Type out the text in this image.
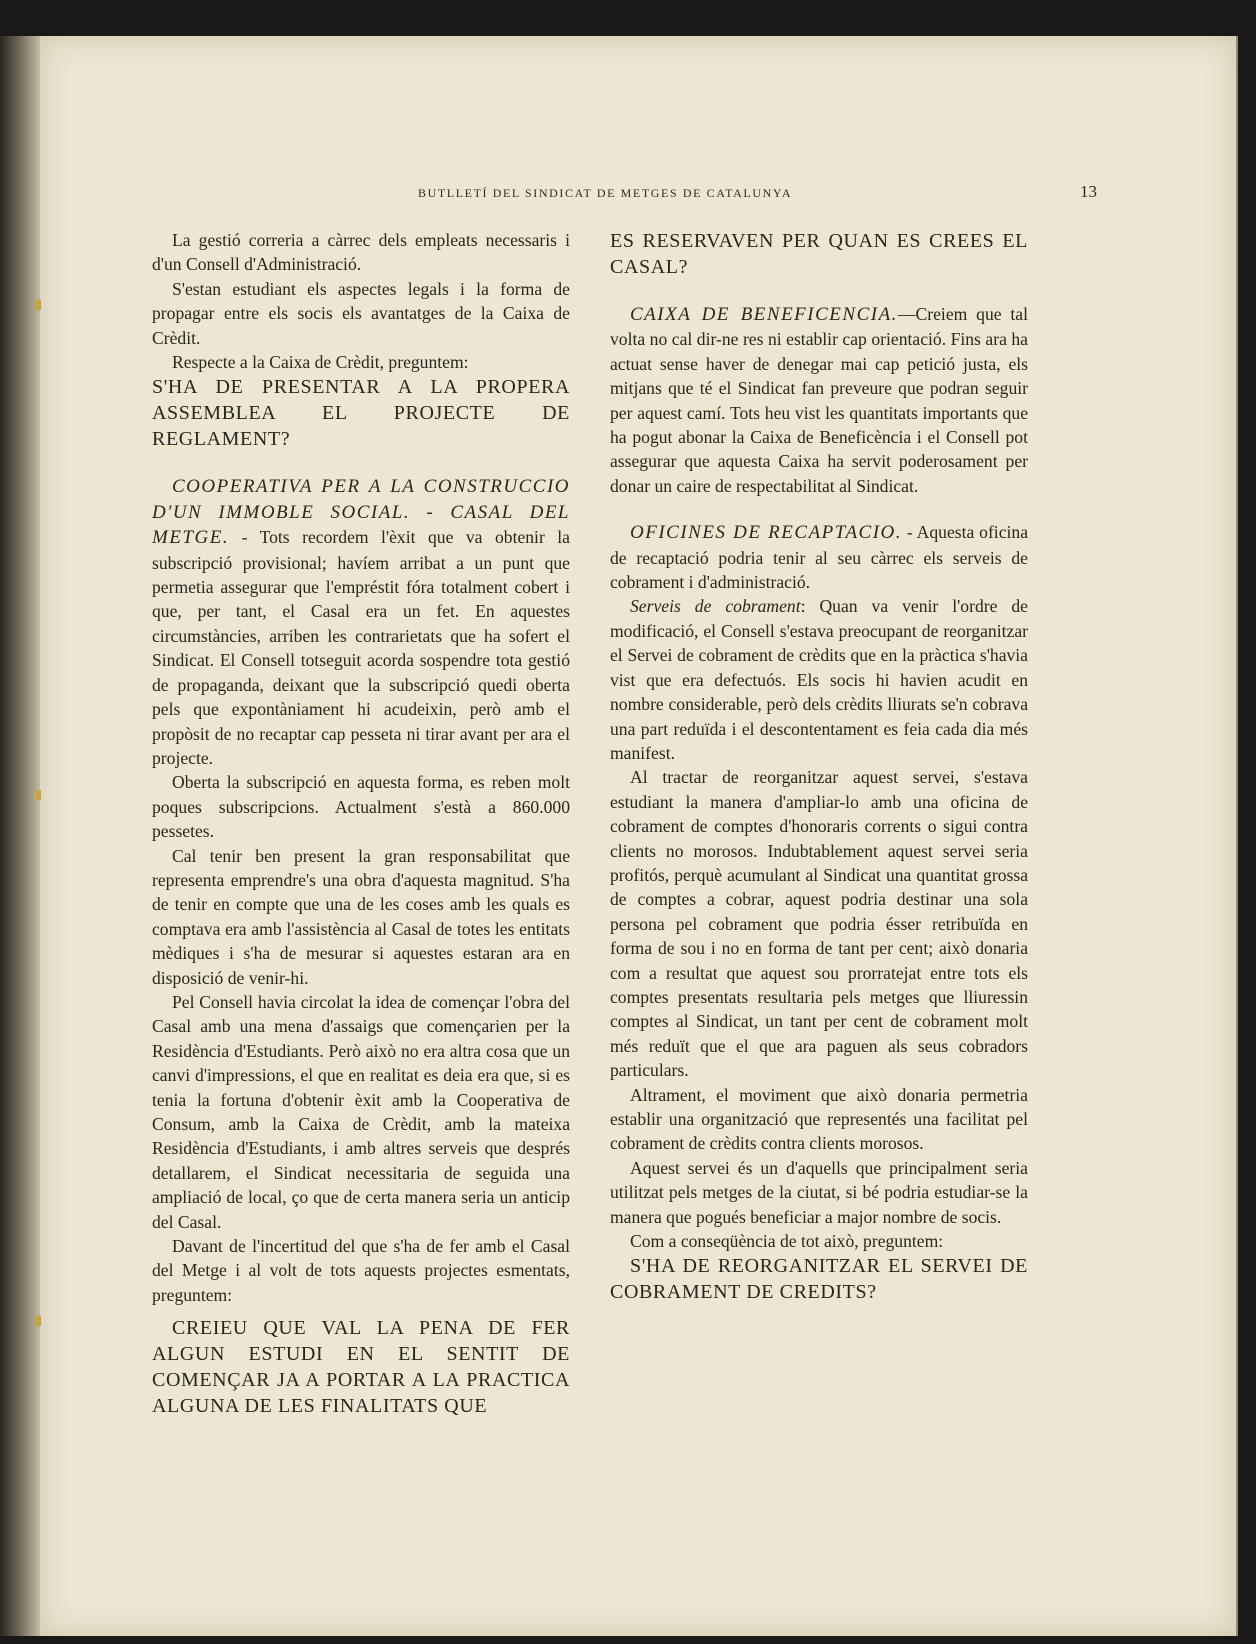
BUTLLETÍ DEL SINDICAT DE METGES DE CATALUNYA	13

La gestió correria a càrrec dels empleats necessaris i d'un Consell d'Administració.

S'estan estudiant els aspectes legals i la forma de propagar entre els socis els avantatges de la Caixa de Crèdit.

Respecte a la Caixa de Crèdit, preguntem:

S'HA DE PRESENTAR A LA PROPERA ASSEMBLEA EL PROJECTE DE REGLAMENT?

COOPERATIVA PER A LA CONSTRUCCIO D'UN IMMOBLE SOCIAL. - CASAL DEL METGE. - Tots recordem l'èxit que va obtenir la subscripció provisional; havíem arribat a un punt que permetia assegurar que l'empréstit fóra totalment cobert i que, per tant, el Casal era un fet. En aquestes circumstàncies, arriben les contrarietats que ha sofert el Sindicat. El Consell totseguit acorda sospendre tota gestió de propaganda, deixant que la subscripció quedi oberta pels que expontàniament hi acudeixin, però amb el propòsit de no recaptar cap pesseta ni tirar avant per ara el projecte.

Oberta la subscripció en aquesta forma, es reben molt poques subscripcions. Actualment s'està a 860.000 pessetes.

Cal tenir ben present la gran responsabilitat que representa emprendre's una obra d'aquesta magnitud. S'ha de tenir en compte que una de les coses amb les quals es comptava era amb l'assistència al Casal de totes les entitats mèdiques i s'ha de mesurar si aquestes estaran ara en disposició de venir-hi.

Pel Consell havia circolat la idea de començar l'obra del Casal amb una mena d'assaigs que començarien per la Residència d'Estudiants. Però això no era altra cosa que un canvi d'impressions, el que en realitat es deia era que, si es tenia la fortuna d'obtenir èxit amb la Cooperativa de Consum, amb la Caixa de Crèdit, amb la mateixa Residència d'Estudiants, i amb altres serveis que després detallarem, el Sindicat necessitaria de seguida una ampliació de local, ço que de certa manera seria un anticip del Casal.

Davant de l'incertitud del que s'ha de fer amb el Casal del Metge i al volt de tots aquests projectes esmentats, preguntem:

CREIEU QUE VAL LA PENA DE FER ALGUN ESTUDI EN EL SENTIT DE COMENÇAR JA A PORTAR A LA PRACTICA ALGUNA DE LES FINALITATS QUE

ES RESERVAVEN PER QUAN ES CREES EL CASAL?

CAIXA DE BENEFICENCIA.—Creiem que tal volta no cal dir-ne res ni establir cap orientació. Fins ara ha actuat sense haver de denegar mai cap petició justa, els mitjans que té el Sindicat fan preveure que podran seguir per aquest camí. Tots heu vist les quantitats importants que ha pogut abonar la Caixa de Beneficència i el Consell pot assegurar que aquesta Caixa ha servit poderosament per donar un caire de respectabilitat al Sindicat.

OFICINES DE RECAPTACIO. - Aquesta oficina de recaptació podria tenir al seu càrrec els serveis de cobrament i d'administració.

Serveis de cobrament: Quan va venir l'ordre de modificació, el Consell s'estava preocupant de reorganitzar el Servei de cobrament de crèdits que en la pràctica s'havia vist que era defectuós. Els socis hi havien acudit en nombre considerable, però dels crèdits lliurats se'n cobrava una part reduïda i el descontentament es feia cada dia més manifest.

Al tractar de reorganitzar aquest servei, s'estava estudiant la manera d'ampliar-lo amb una oficina de cobrament de comptes d'honoraris corrents o sigui contra clients no morosos. Indubtablement aquest servei seria profitós, perquè acumulant al Sindicat una quantitat grossa de comptes a cobrar, aquest podria destinar una sola persona pel cobrament que podria ésser retribuïda en forma de sou i no en forma de tant per cent; això donaria com a resultat que aquest sou prorratejat entre tots els comptes presentats resultaria pels metges que lliuressin comptes al Sindicat, un tant per cent de cobrament molt més reduït que el que ara paguen als seus cobradors particulars.

Altrament, el moviment que això donaria permetria establir una organització que representés una facilitat pel cobrament de crèdits contra clients morosos.

Aquest servei és un d'aquells que principalment seria utilitzat pels metges de la ciutat, si bé podria estudiar-se la manera que pogués beneficiar a major nombre de socis.

Com a conseqüència de tot això, preguntem:

S'HA DE REORGANITZAR EL SERVEI DE COBRAMENT DE CREDITS?
